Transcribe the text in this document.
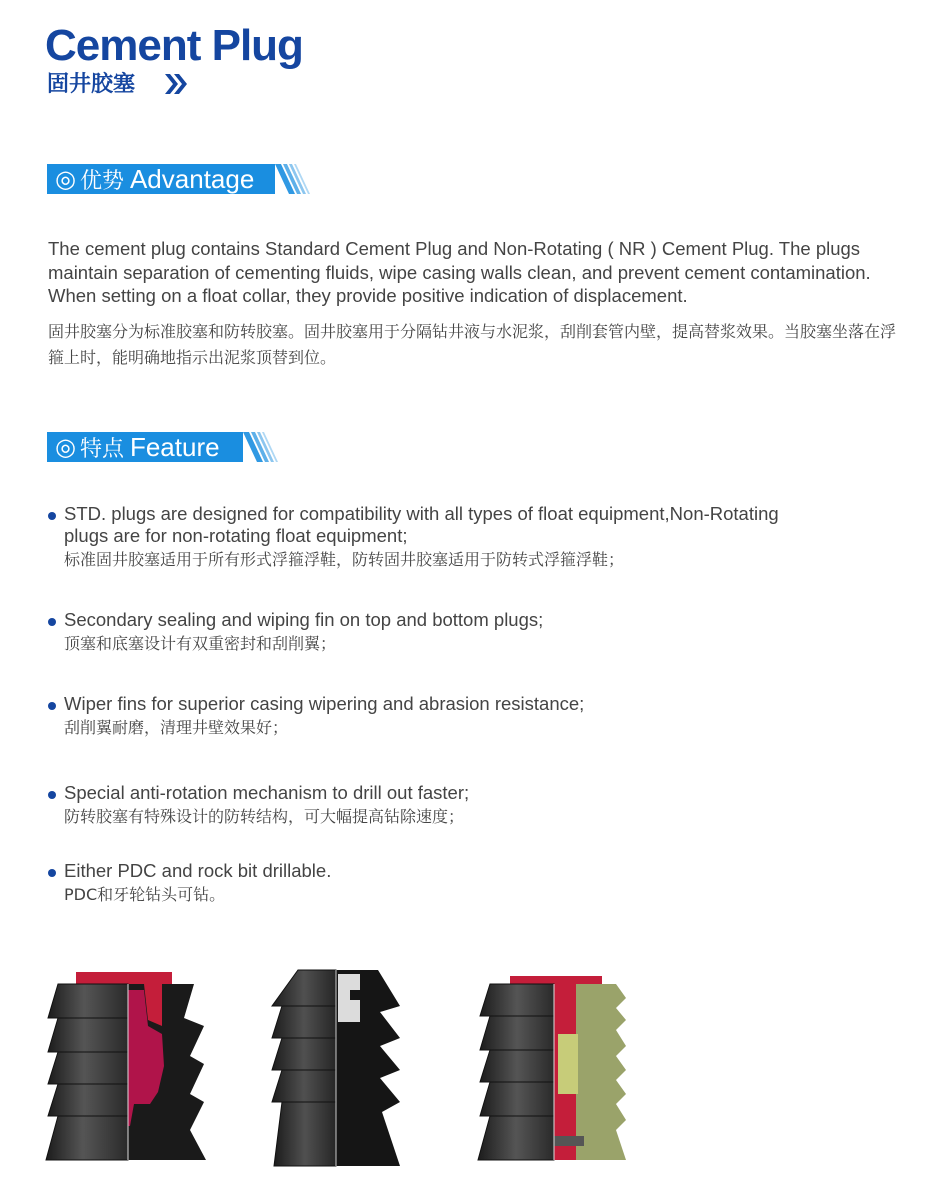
Cement Plug
固井胶塞
◎ 优势 Advantage

The cement plug contains Standard Cement Plug and Non-Rotating ( NR ) Cement Plug. The plugs maintain separation of cementing fluids, wipe casing walls clean, and prevent cement contamination. When setting on a float collar, they provide positive indication of displacement.

固井胶塞分为标准胶塞和防转胶塞。固井胶塞用于分隔钻井液与水泥浆，刮削套管内壁，提高替浆效果。当胶塞坐落在浮箍上时，能明确地指示出泥浆顶替到位。

◎ 特点 Feature
STD. plugs are designed for compatibility with all types of float equipment,Non-Rotating plugs are for non-rotating float equipment;
标准固井胶塞适用于所有形式浮箍浮鞋，防转固井胶塞适用于防转式浮箍浮鞋；
Secondary sealing and wiping fin on top and bottom plugs;
顶塞和底塞设计有双重密封和刮削翼；
Wiper fins for superior casing wipering and abrasion resistance;
刮削翼耐磨，清理井壁效果好；
Special anti-rotation mechanism to drill out faster;
防转胶塞有特殊设计的防转结构，可大幅提高钻除速度；
Either PDC and rock bit drillable.
PDC和牙轮钻头可钻。
